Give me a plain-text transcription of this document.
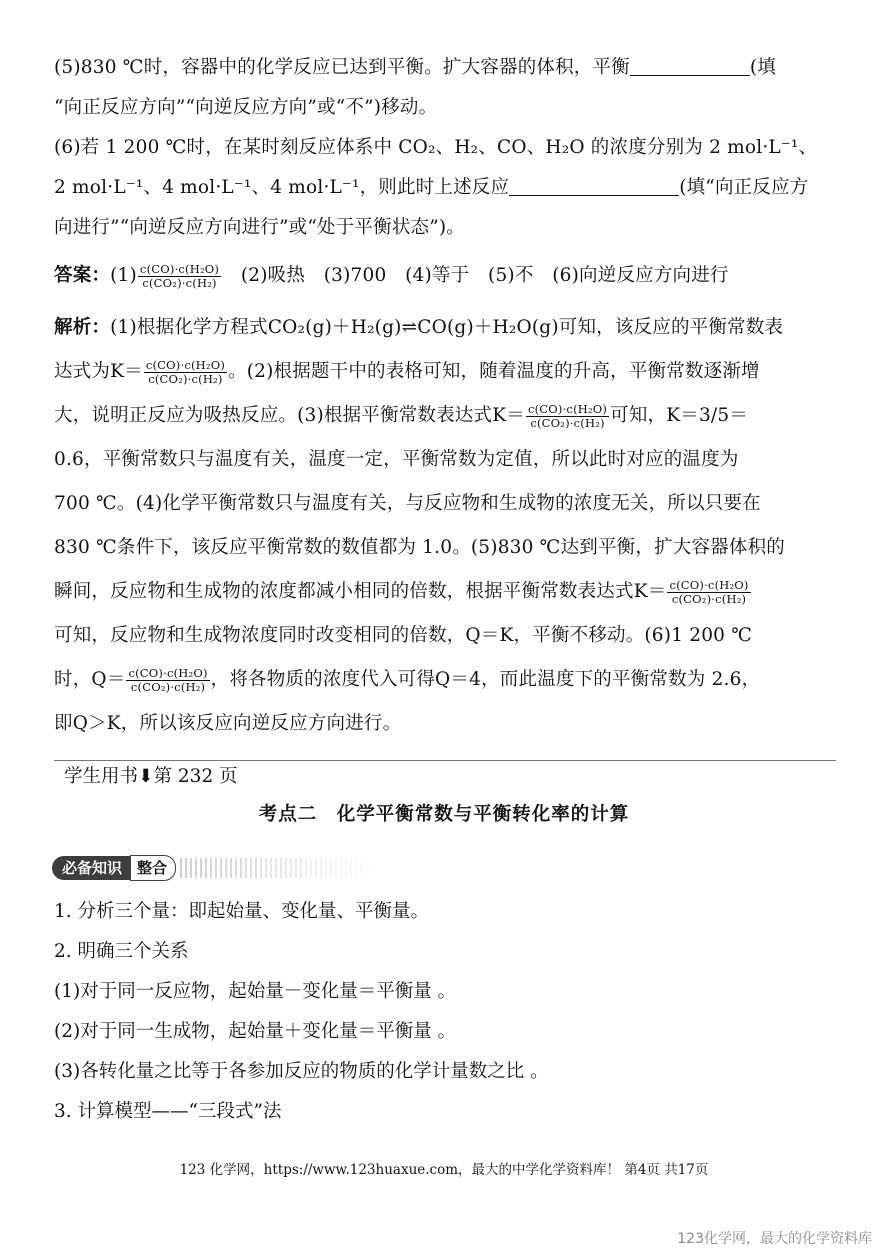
(5)830 ℃时，容器中的化学反应已达到平衡。扩大容器的体积，平衡	(填
“向正反应方向”“向逆反应方向”或“不”)移动。
(6)若 1 200 ℃时，在某时刻反应体系中 CO₂、H₂、CO、H₂O 的浓度分别为 2 mol·L⁻¹、
2 mol·L⁻¹、4 mol·L⁻¹、4 mol·L⁻¹，则此时上述反应	(填“向正反应方
向进行”“向逆反应方向进行”或“处于平衡状态”)。
答案：$(1) \frac{\text{c(CO)·c(H₂O)}}{\text{c(CO₂)·c(H₂)}}$
　 (2)吸热　(3)700　(4)等于　(5)不　(6)向逆反应方向进行
解析：(1)根据化学方程式CO₂(g)＋H₂(g)⇌CO(g)＋H₂O(g)可知，该反应的平衡常数表
达式为$K= \frac{\text{c(CO)·c(H₂O)}}{\text{c(CO₂)·c(H₂)}}$ 。(2)根据题干中的表格可知，随着温度的升高，平衡常数逐渐增
大，说明正反应为吸热反应。(3)根据平衡常数表达式$K= \frac{\text{c(CO)·c(H₂O)}}{\text{c(CO₂)·c(H₂)}}$ 可知，K＝3/5＝
0.6，平衡常数只与温度有关，温度一定，平衡常数为定值，所以此时对应的温度为
700 ℃。(4)化学平衡常数只与温度有关，与反应物和生成物的浓度无关，所以只要在
830 ℃条件下，该反应平衡常数的数值都为 1.0。(5)830 ℃达到平衡，扩大容器体积的
瞬间，反应物和生成物的浓度都减小相同的倍数，根据平衡常数表达式$K= \frac{\text{c(CO)·c(H₂O)}}{\text{c(CO₂)·c(H₂)}}$
可知，反应物和生成物浓度同时改变相同的倍数，Q＝K，平衡不移动。(6)1 200 ℃
时，$Q= \frac{\text{c(CO)·c(H₂O)}}{\text{c(CO₂)·c(H₂)}}$ ，将各物质的浓度代入可得Q＝4，而此温度下的平衡常数为 2.6，
即Q＞K，所以该反应向逆反应方向进行。
学生用书⬇第 232 页
考点二　化学平衡常数与平衡转化率的计算
必备知识	整合
1. 分析三个量：即起始量、变化量、平衡量。
2. 明确三个关系
(1)对于同一反应物，起始量－变化量＝平衡量 。
(2)对于同一生成物，起始量＋变化量＝平衡量 。
(3)各转化量之比等于各参加反应的物质的化学计量数之比 。
3. 计算模型——“三段式”法
123 化学网，https://www.123huaxue.com，最大的中学化学资料库！ 第4页 共17页
123化学网，最大的化学资料库
